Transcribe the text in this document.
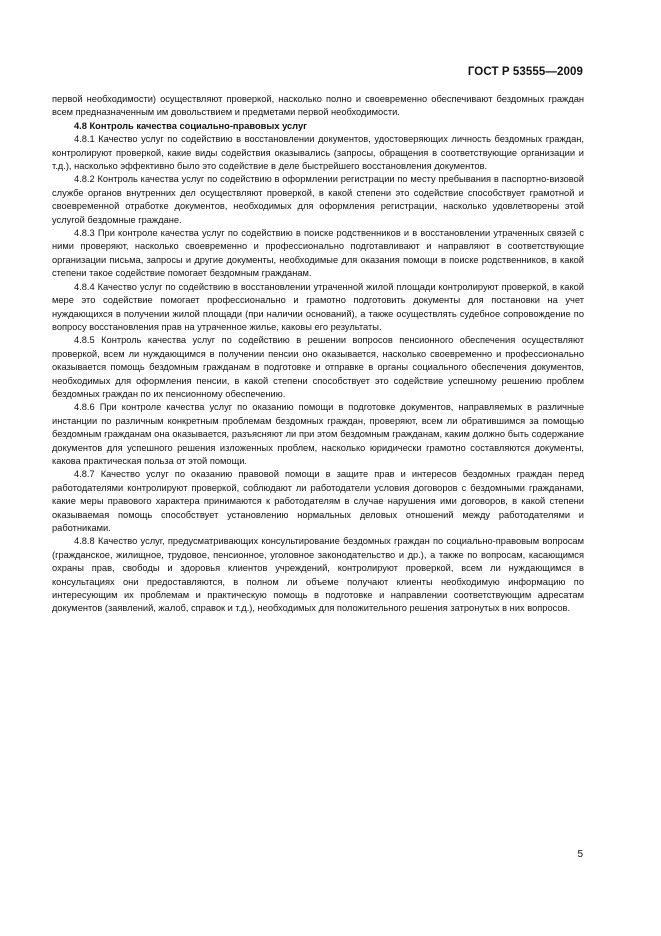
ГОСТ Р 53555—2009

первой необходимости) осуществляют проверкой, насколько полно и своевременно обеспечивают бездомных граждан всем предназначенным им довольствием и предметами первой необходимости.

4.8 Контроль качества социально-правовых услуг

4.8.1 Качество услуг по содействию в восстановлении документов, удостоверяющих личность бездомных граждан, контролируют проверкой, какие виды содействия оказывались (запросы, обращения в соответствующие организации и т.д.), насколько эффективно было это содействие в деле быстрейшего восстановления документов.

4.8.2 Контроль качества услуг по содействию в оформлении регистрации по месту пребывания в паспортно-визовой службе органов внутренних дел осуществляют проверкой, в какой степени это содействие способствует грамотной и своевременной отработке документов, необходимых для оформления регистрации, насколько удовлетворены этой услугой бездомные граждане.

4.8.3 При контроле качества услуг по содействию в поиске родственников и в восстановлении утраченных связей с ними проверяют, насколько своевременно и профессионально подготавливают и направляют в соответствующие организации письма, запросы и другие документы, необходимые для оказания помощи в поиске родственников, в какой степени такое содействие помогает бездомным гражданам.

4.8.4 Качество услуг по содействию в восстановлении утраченной жилой площади контролируют проверкой, в какой мере это содействие помогает профессионально и грамотно подготовить документы для постановки на учет нуждающихся в получении жилой площади (при наличии оснований), а также осуществлять судебное сопровождение по вопросу восстановления прав на утраченное жилье, каковы его результаты.

4.8.5 Контроль качества услуг по содействию в решении вопросов пенсионного обеспечения осуществляют проверкой, всем ли нуждающимся в получении пенсии оно оказывается, насколько своевременно и профессионально оказывается помощь бездомным гражданам в подготовке и отправке в органы социального обеспечения документов, необходимых для оформления пенсии, в какой степени способствует это содействие успешному решению проблем бездомных граждан по их пенсионному обеспечению.

4.8.6 При контроле качества услуг по оказанию помощи в подготовке документов, направляемых в различные инстанции по различным конкретным проблемам бездомных граждан, проверяют, всем ли обратившимся за помощью бездомным гражданам она оказывается, разъясняют ли при этом бездомным гражданам, каким должно быть содержание документов для успешного решения изложенных проблем, насколько юридически грамотно составляются документы, какова практическая польза от этой помощи.

4.8.7 Качество услуг по оказанию правовой помощи в защите прав и интересов бездомных граждан перед работодателями контролируют проверкой, соблюдают ли работодатели условия договоров с бездомными гражданами, какие меры правового характера принимаются к работодателям в случае нарушения ими договоров, в какой степени оказываемая помощь способствует установлению нормальных деловых отношений между работодателями и работниками.

4.8.8 Качество услуг, предусматривающих консультирование бездомных граждан по социально-правовым вопросам (гражданское, жилищное, трудовое, пенсионное, уголовное законодательство и др.), а также по вопросам, касающимся охраны прав, свободы и здоровья клиентов учреждений, контролируют проверкой, всем ли нуждающимся в консультациях они предоставляются, в полном ли объеме получают клиенты необходимую информацию по интересующим их проблемам и практическую помощь в подготовке и направлении соответствующим адресатам документов (заявлений, жалоб, справок и т.д.), необходимых для положительного решения затронутых в них вопросов.

5
